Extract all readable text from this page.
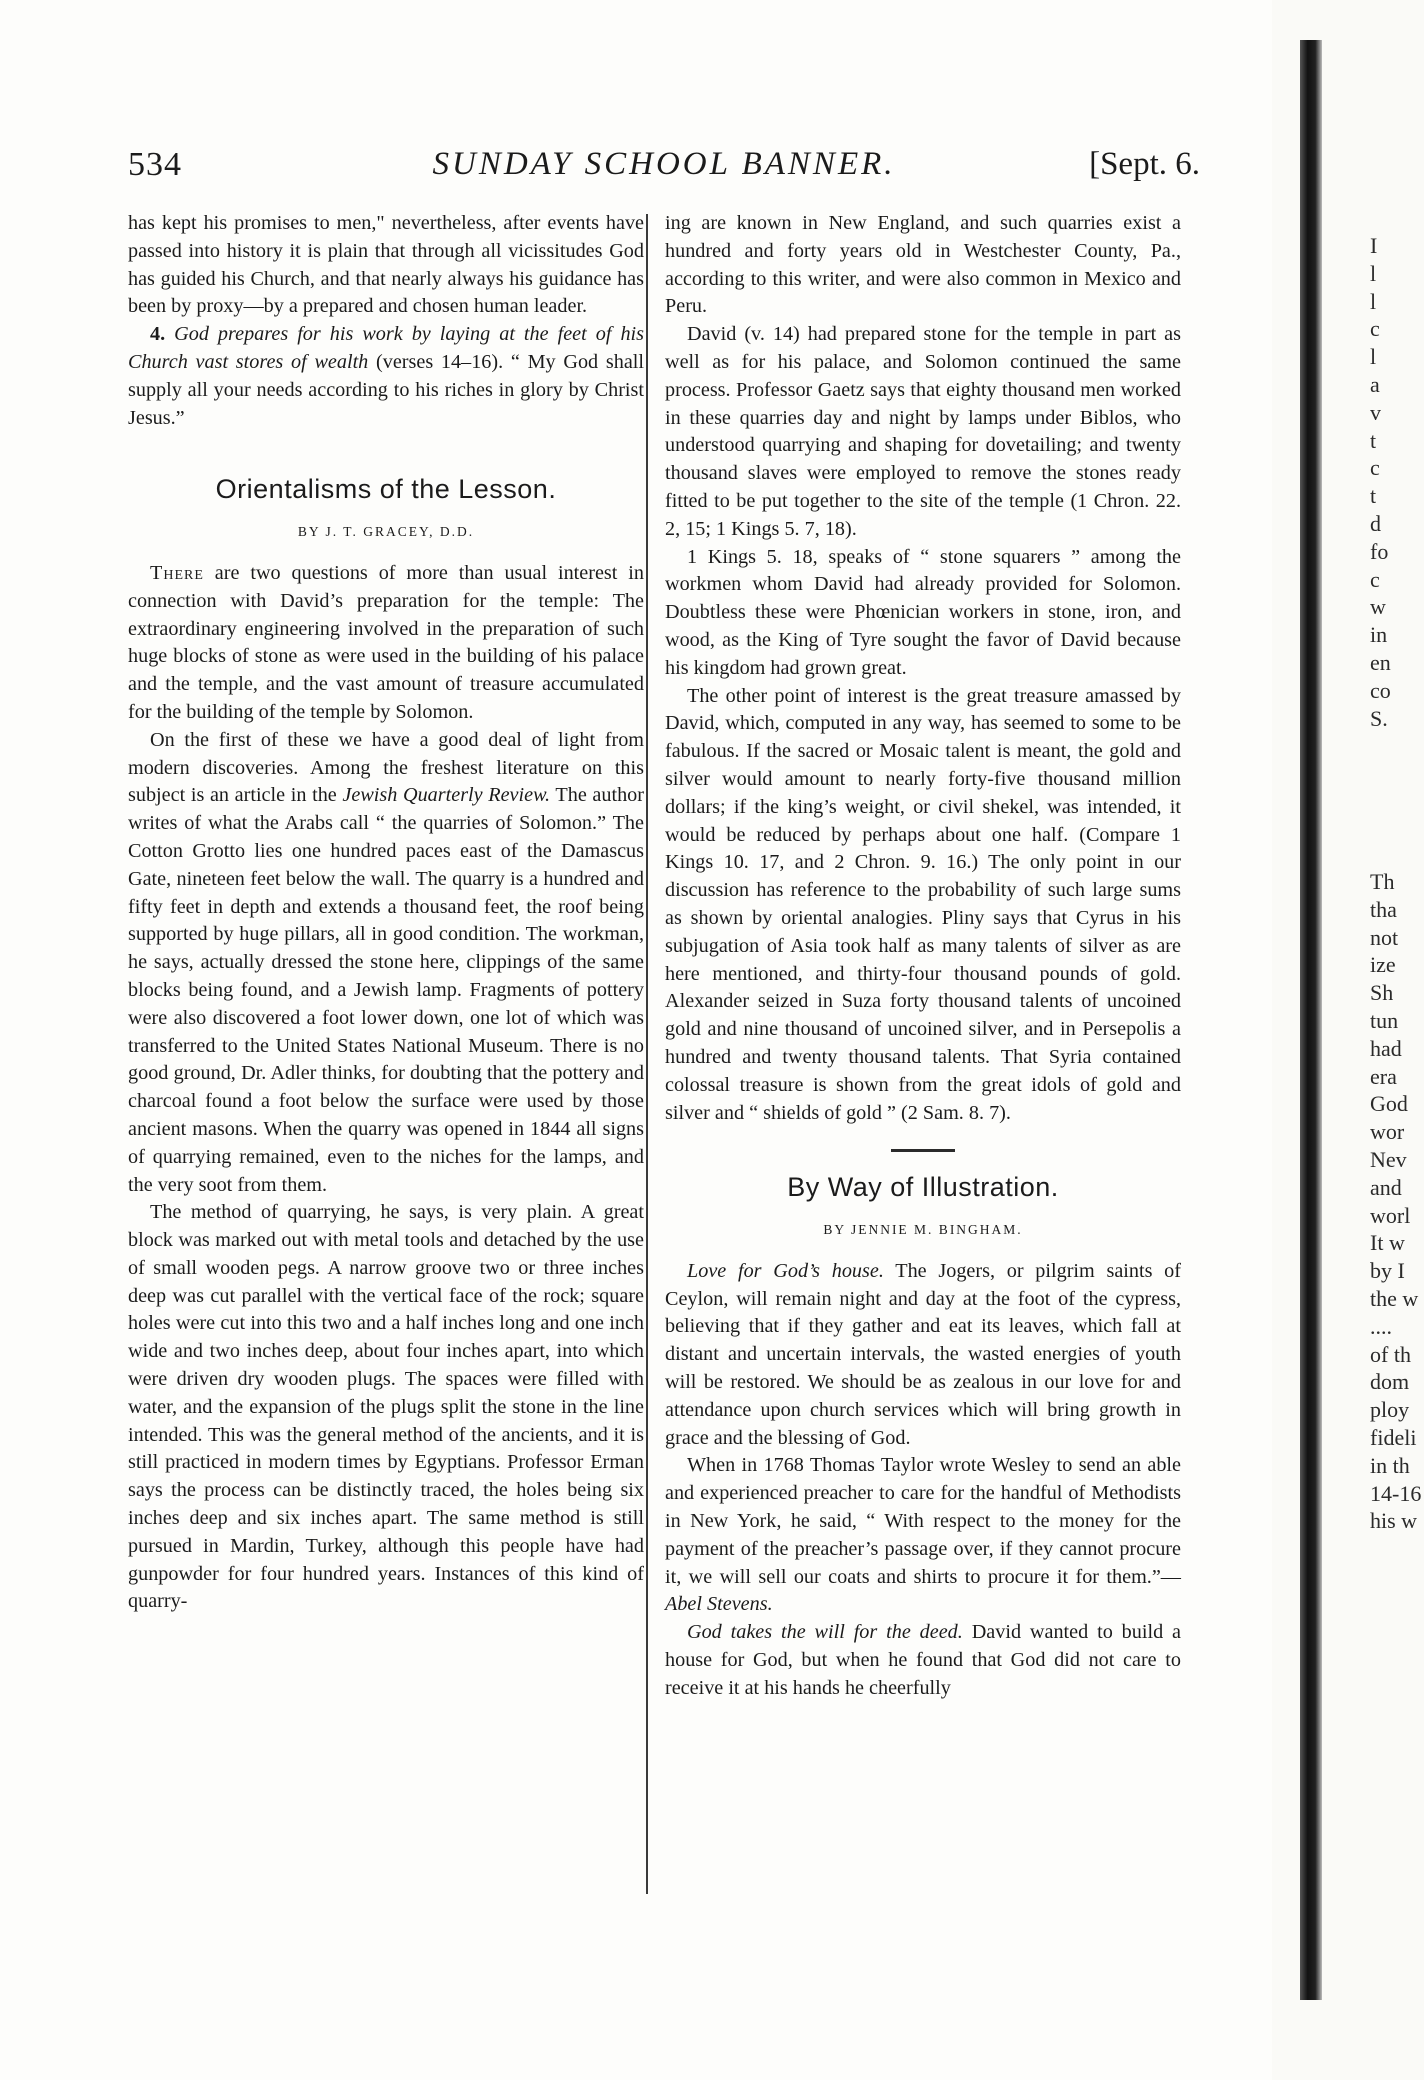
534	SUNDAY SCHOOL BANNER.	[Sept. 6.

has kept his promises to men," nevertheless, after events have passed into history it is plain that through all vicissitudes God has guided his Church, and that nearly always his guidance has been by proxy—by a prepared and chosen human leader.

4. God prepares for his work by laying at the feet of his Church vast stores of wealth (verses 14–16). “ My God shall supply all your needs according to his riches in glory by Christ Jesus.”

Orientalisms of the Lesson.
BY J. T. GRACEY, D.D.

There are two questions of more than usual interest in connection with David’s preparation for the temple: The extraordinary engineering involved in the preparation of such huge blocks of stone as were used in the building of his palace and the temple, and the vast amount of treasure accumulated for the building of the temple by Solomon.

On the first of these we have a good deal of light from modern discoveries. Among the freshest literature on this subject is an article in the Jewish Quarterly Review. The author writes of what the Arabs call “ the quarries of Solomon.” The Cotton Grotto lies one hundred paces east of the Damascus Gate, nineteen feet below the wall. The quarry is a hundred and fifty feet in depth and extends a thousand feet, the roof being supported by huge pillars, all in good condition. The workman, he says, actually dressed the stone here, clippings of the same blocks being found, and a Jewish lamp. Fragments of pottery were also discovered a foot lower down, one lot of which was transferred to the United States National Museum. There is no good ground, Dr. Adler thinks, for doubting that the pottery and charcoal found a foot below the surface were used by those ancient masons. When the quarry was opened in 1844 all signs of quarrying remained, even to the niches for the lamps, and the very soot from them.

The method of quarrying, he says, is very plain. A great block was marked out with metal tools and detached by the use of small wooden pegs. A narrow groove two or three inches deep was cut parallel with the vertical face of the rock; square holes were cut into this two and a half inches long and one inch wide and two inches deep, about four inches apart, into which were driven dry wooden plugs. The spaces were filled with water, and the expansion of the plugs split the stone in the line intended. This was the general method of the ancients, and it is still practiced in modern times by Egyptians. Professor Erman says the process can be distinctly traced, the holes being six inches deep and six inches apart. The same method is still pursued in Mardin, Turkey, although this people have had gunpowder for four hundred years. Instances of this kind of quarry-

ing are known in New England, and such quarries exist a hundred and forty years old in Westchester County, Pa., according to this writer, and were also common in Mexico and Peru.

David (v. 14) had prepared stone for the temple in part as well as for his palace, and Solomon continued the same process. Professor Gaetz says that eighty thousand men worked in these quarries day and night by lamps under Biblos, who understood quarrying and shaping for dovetailing; and twenty thousand slaves were employed to remove the stones ready fitted to be put together to the site of the temple (1 Chron. 22. 2, 15; 1 Kings 5. 7, 18).

1 Kings 5. 18, speaks of “ stone squarers ” among the workmen whom David had already provided for Solomon. Doubtless these were Phœnician workers in stone, iron, and wood, as the King of Tyre sought the favor of David because his kingdom had grown great.

The other point of interest is the great treasure amassed by David, which, computed in any way, has seemed to some to be fabulous. If the sacred or Mosaic talent is meant, the gold and silver would amount to nearly forty-five thousand million dollars; if the king’s weight, or civil shekel, was intended, it would be reduced by perhaps about one half. (Compare 1 Kings 10. 17, and 2 Chron. 9. 16.) The only point in our discussion has reference to the probability of such large sums as shown by oriental analogies. Pliny says that Cyrus in his subjugation of Asia took half as many talents of silver as are here mentioned, and thirty-four thousand pounds of gold. Alexander seized in Suza forty thousand talents of uncoined gold and nine thousand of uncoined silver, and in Persepolis a hundred and twenty thousand talents. That Syria contained colossal treasure is shown from the great idols of gold and silver and “ shields of gold ” (2 Sam. 8. 7).

By Way of Illustration.
BY JENNIE M. BINGHAM.

Love for God’s house. The Jogers, or pilgrim saints of Ceylon, will remain night and day at the foot of the cypress, believing that if they gather and eat its leaves, which fall at distant and uncertain intervals, the wasted energies of youth will be restored. We should be as zealous in our love for and attendance upon church services which will bring growth in grace and the blessing of God.

When in 1768 Thomas Taylor wrote Wesley to send an able and experienced preacher to care for the handful of Methodists in New York, he said, “ With respect to the money for the payment of the preacher’s passage over, if they cannot procure it, we will sell our coats and shirts to procure it for them.”—Abel Stevens.

God takes the will for the deed. David wanted to build a house for God, but when he found that God did not care to receive it at his hands he cheerfully

I
l
l
c
l
a
v
t
c
t
d
fo
c
w
in
en
co
S.
Th
tha
not
ize
Sh
tun
had
era
God
wor
Nev
and
worl
It w
by I
the w
....
of th
dom
ploy
fideli
in th
14-16
his w
